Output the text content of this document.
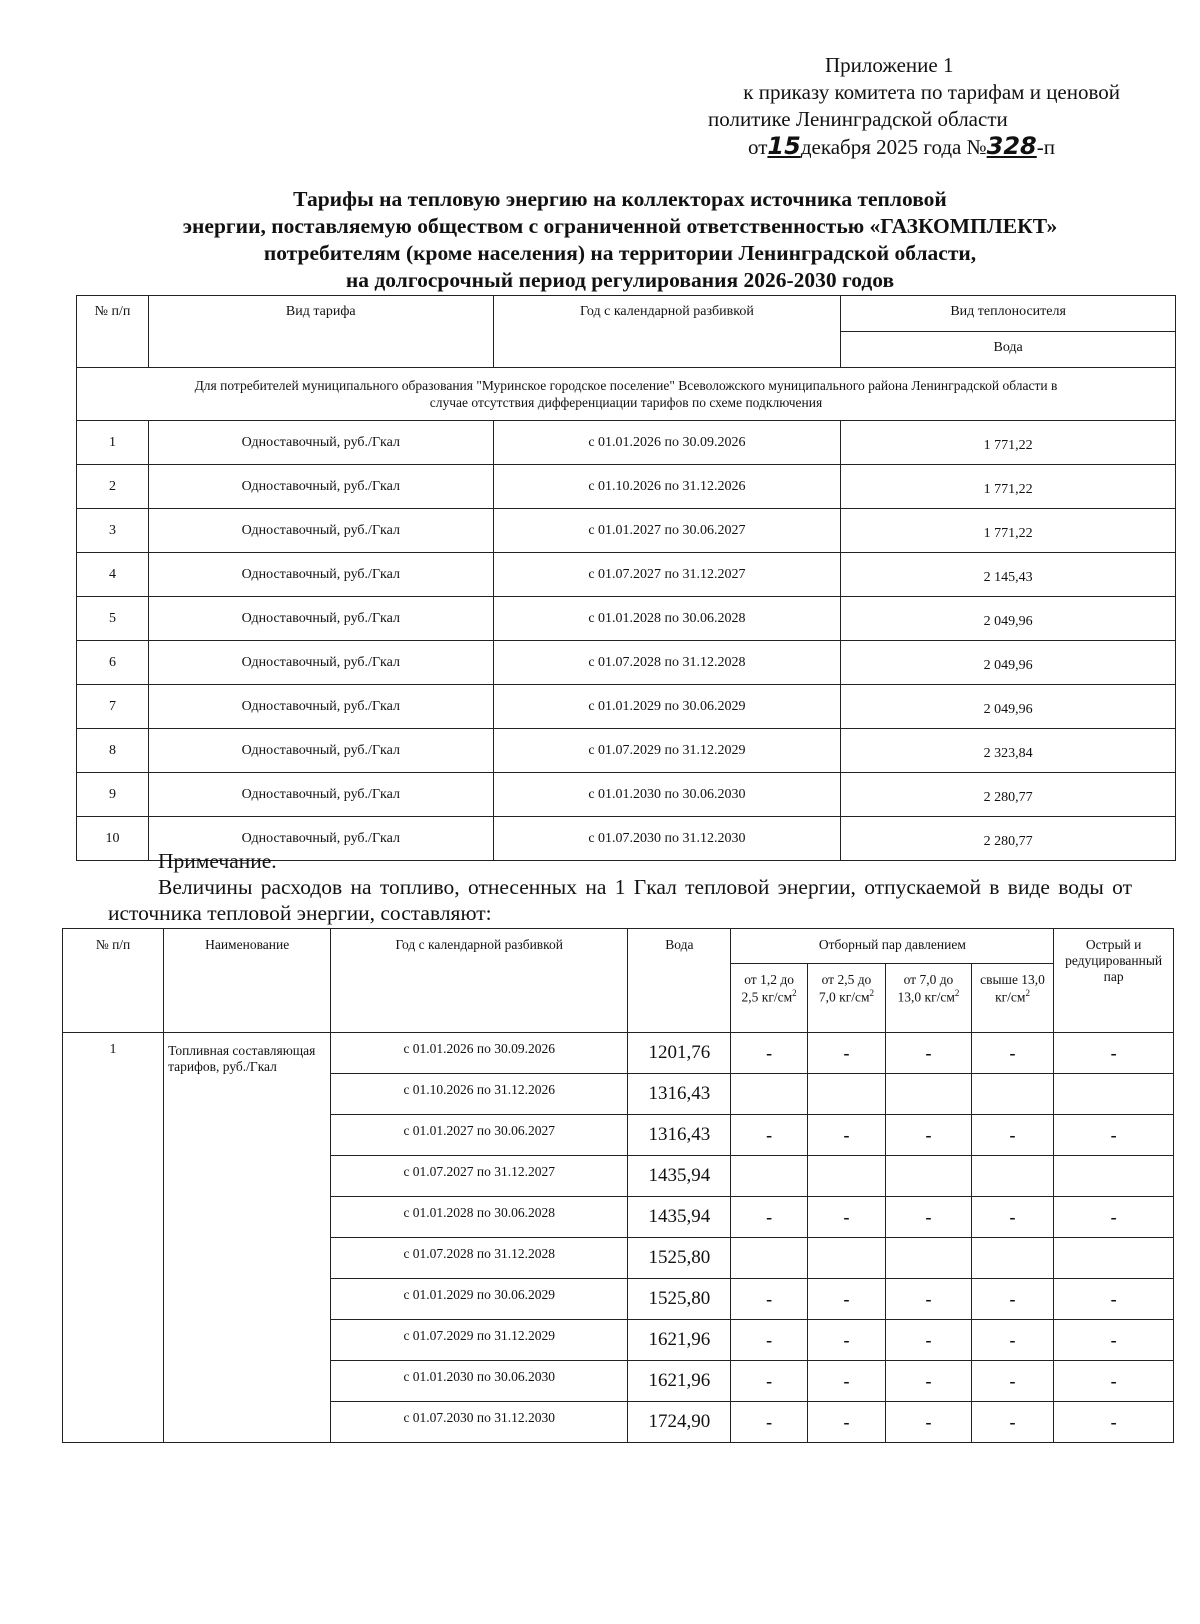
Приложение 1
к приказу комитета по тарифам и ценовой
политике Ленинградской области
от15декабря 2025 года №328-п
Тарифы на тепловую энергию на коллекторах источника тепловой
энергии, поставляемую обществом с ограниченной ответственностью «ГАЗКОМПЛЕКТ»
потребителям (кроме населения) на территории Ленинградской области,
на долгосрочный период регулирования 2026-2030 годов
№ п/п	Вид тарифа	Год с календарной разбивкой	Вид теплоносителя
			Вода

Для потребителей муниципального образования "Муринское городское поселение" Всеволожского муниципального района Ленинградской области в
случае отсутствия дифференциации тарифов по схеме подключения			

1	Одноставочный, руб./Гкал	с 01.01.2026 по 30.09.2026	1 771,22
2	Одноставочный, руб./Гкал	с 01.10.2026 по 31.12.2026	1 771,22
3	Одноставочный, руб./Гкал	с 01.01.2027 по 30.06.2027	1 771,22
4	Одноставочный, руб./Гкал	с 01.07.2027 по 31.12.2027	2 145,43
5	Одноставочный, руб./Гкал	с 01.01.2028 по 30.06.2028	2 049,96
6	Одноставочный, руб./Гкал	с 01.07.2028 по 31.12.2028	2 049,96
7	Одноставочный, руб./Гкал	с 01.01.2029 по 30.06.2029	2 049,96
8	Одноставочный, руб./Гкал	с 01.07.2029 по 31.12.2029	2 323,84
9	Одноставочный, руб./Гкал	с 01.01.2030 по 30.06.2030	2 280,77
10	Одноставочный, руб./Гкал	с 01.07.2030 по 31.12.2030	2 280,77
Примечание.
Величины расходов на топливо, отнесенных на 1 Гкал тепловой энергии, отпускаемой в виде воды от источника тепловой энергии, составляют:
№ п/п	Наименование	Год с календарной разбивкой	Вода	Отборный пар давлением				Острый и редуцированный пар
				от 1,2 до 2,5 $кг/см^2$	от 2,5 до 7,0 $кг/см^2$	от 7,0 до 13,0 $кг/см^2$	свыше 13,0 $кг/см^2$
1	Топливная составляющая тарифов, руб./Гкал	с 01.01.2026 по 30.09.2026	1201,76	-	-	-	-	-
		с 01.10.2026 по 31.12.2026	1316,43					
		с 01.01.2027 по 30.06.2027	1316,43	-	-	-	-	-
		с 01.07.2027 по 31.12.2027	1435,94					
		с 01.01.2028 по 30.06.2028	1435,94	-	-	-	-	-
		с 01.07.2028 по 31.12.2028	1525,80					
		с 01.01.2029 по 30.06.2029	1525,80	-	-	-	-	-
		с 01.07.2029 по 31.12.2029	1621,96	-	-	-	-	-
		с 01.01.2030 по 30.06.2030	1621,96	-	-	-	-	-
		с 01.07.2030 по 31.12.2030	1724,90	-	-	-	-	-
